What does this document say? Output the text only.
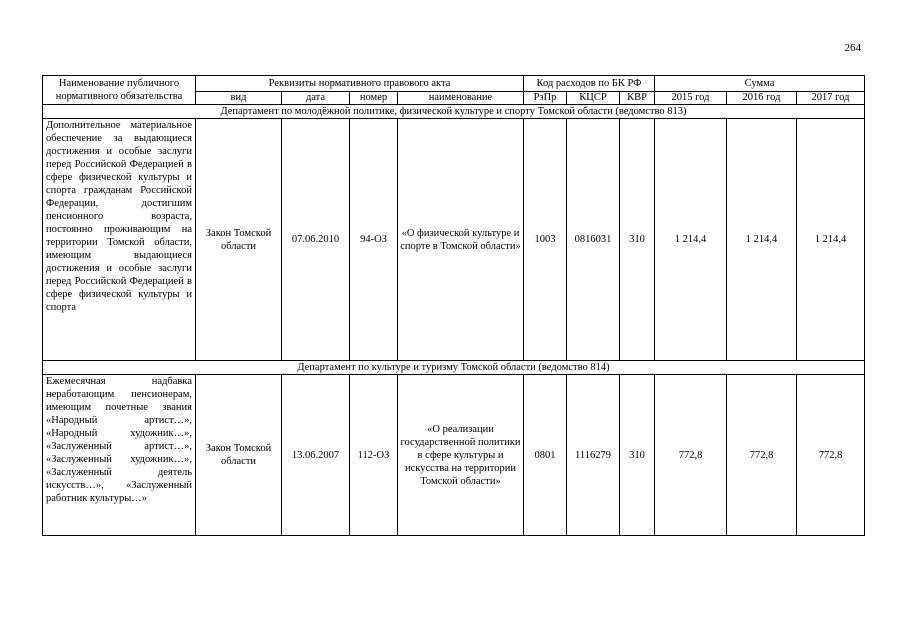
264
Наименование публичного нормативного обязательства	Реквизиты нормативного правового акта				Код расходов по БК РФ			Сумма		
	вид	дата	номер	наименование	РзПр	КЦСР	КВР	2015 год	2016 год	2017 год
Департамент по молодёжной политике, физической культуре и спорту Томской области (ведомство 813)										
Дополнительное материальное обеспечение за выдающиеся достижения и особые заслуги перед Российской Федерацией в сфере физической культуры и спорта гражданам Российской Федерации, достигшим пенсионного возраста, постоянно проживающим на территории Томской области, имеющим выдающиеся достижения и особые заслуги перед Российской Федерацией в сфере физической культуры и спорта	Закон Томской области	07.06.2010	94-ОЗ	«О физической культуре и спорте в Томской области»	1003	0816031	310	1 214,4	1 214,4	1 214,4
Департамент по культуре и туризму Томской области (ведомство 814)										
Ежемесячная надбавка неработающим пенсионерам, имеющим почетные звания «Народный артист…», «Народный художник…», «Заслуженный артист…», «Заслуженный художник…», «Заслуженный деятель искусств…», «Заслуженный работник культуры…»	Закон Томской области	13.06.2007	112-ОЗ	«О реализации государственной политики в сфере культуры и искусства на территории Томской области»	0801	1116279	310	772,8	772,8	772,8
